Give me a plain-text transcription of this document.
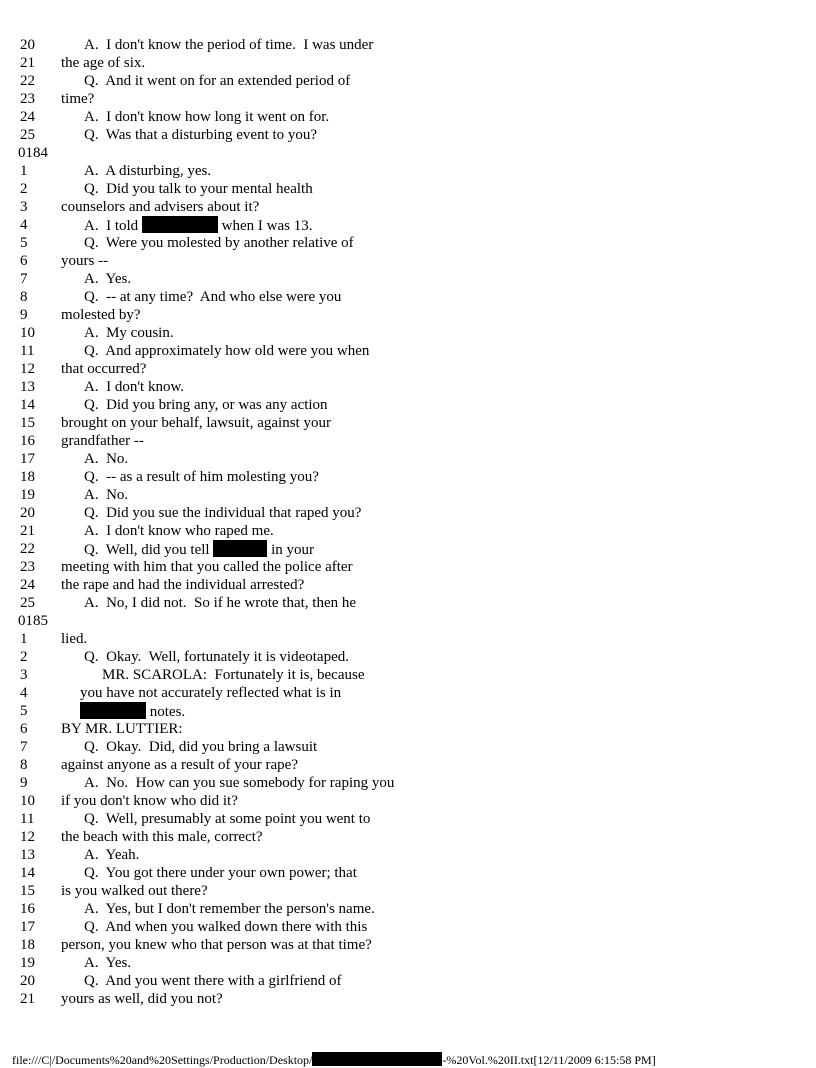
20	A.  I don't know the period of time.  I was under
21	the age of six.
22	Q.  And it went on for an extended period of
23	time?
24	A.  I don't know how long it went on for.
25	Q.  Was that a disturbing event to you?
0184
1	A.  A disturbing, yes.
2	Q.  Did you talk to your mental health
3	counselors and advisers about it?
4	A.  I told	when I was 13.
5	Q.  Were you molested by another relative of
6	yours --
7	A.  Yes.
8	Q.  -- at any time?  And who else were you
9	molested by?
10	A.  My cousin.
11	Q.  And approximately how old were you when
12	that occurred?
13	A.  I don't know.
14	Q.  Did you bring any, or was any action
15	brought on your behalf, lawsuit, against your
16	grandfather --
17	A.  No.
18	Q.  -- as a result of him molesting you?
19	A.  No.
20	Q.  Did you sue the individual that raped you?
21	A.  I don't know who raped me.
22	Q.  Well, did you tell	in your
23	meeting with him that you called the police after
24	the rape and had the individual arrested?
25	A.  No, I did not.  So if he wrote that, then he
0185
1	lied.
2	Q.  Okay.  Well, fortunately it is videotaped.
3	MR. SCAROLA:  Fortunately it is, because
4	you have not accurately reflected what is in
5	notes.
6	BY MR. LUTTIER:
7	Q.  Okay.  Did, did you bring a lawsuit
8	against anyone as a result of your rape?
9	A.  No.  How can you sue somebody for raping you
10	if you don't know who did it?
11	Q.  Well, presumably at some point you went to
12	the beach with this male, correct?
13	A.  Yeah.
14	Q.  You got there under your own power; that
15	is you walked out there?
16	A.  Yes, but I don't remember the person's name.
17	Q.  And when you walked down there with this
18	person, you knew who that person was at that time?
19	A.  Yes.
20	Q.  And you went there with a girlfriend of
21	yours as well, did you not?

file:///C|/Documents%20and%20Settings/Production/Desktop/	-%20Vol.%20II.txt[12/11/2009 6:15:58 PM]
